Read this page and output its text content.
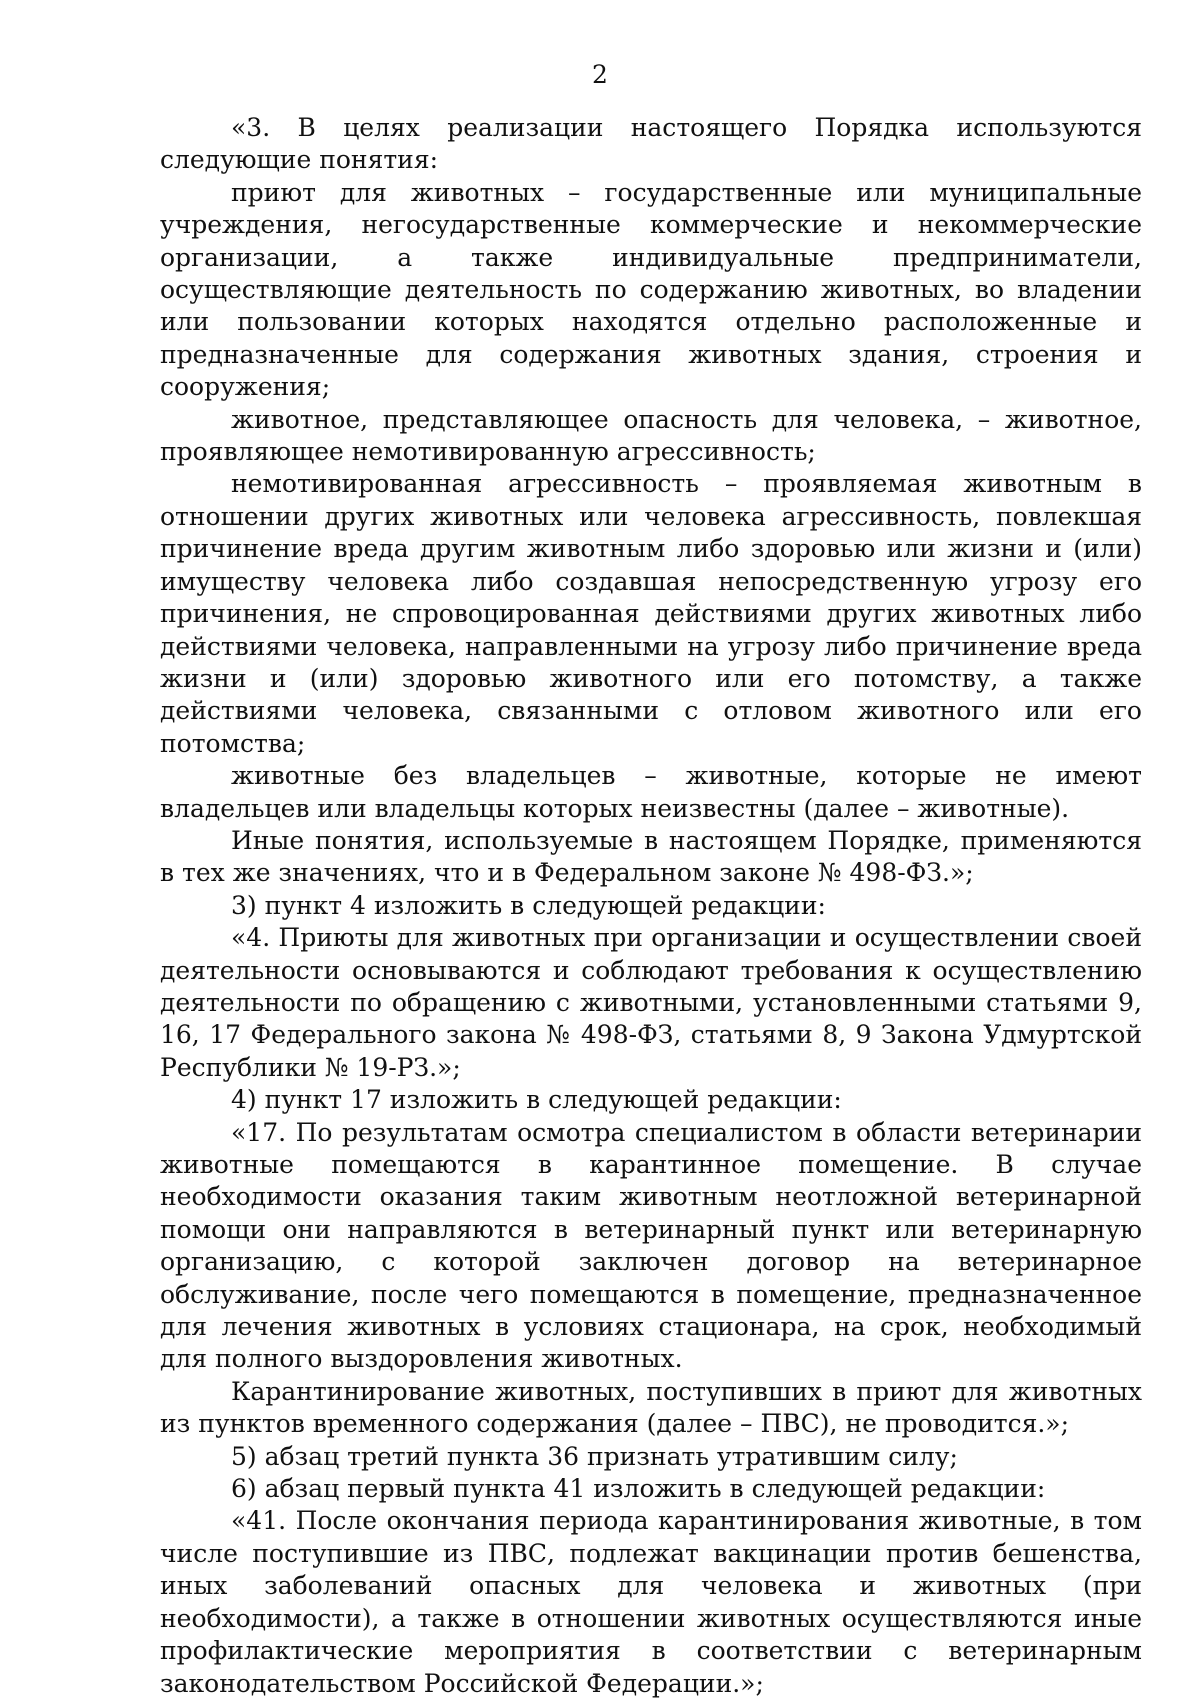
2

«3. В целях реализации настоящего Порядка используются следующие понятия:

приют для животных – государственные или муниципальные учреждения, негосударственные коммерческие и некоммерческие организации, а также индивидуальные предприниматели, осуществляющие деятельность по содержанию животных, во владении или пользовании которых находятся отдельно расположенные и предназначенные для содержания животных здания, строения и сооружения;

животное, представляющее опасность для человека, – животное, проявляющее немотивированную агрессивность;

немотивированная агрессивность – проявляемая животным в отношении других животных или человека агрессивность, повлекшая причинение вреда другим животным либо здоровью или жизни и (или) имуществу человека либо создавшая непосредственную угрозу его причинения, не спровоцированная действиями других животных либо действиями человека, направленными на угрозу либо причинение вреда жизни и (или) здоровью животного или его потомству, а также действиями человека, связанными с отловом животного или его потомства;

животные без владельцев – животные, которые не имеют владельцев или владельцы которых неизвестны (далее – животные).

Иные понятия, используемые в настоящем Порядке, применяются в тех же значениях, что и в Федеральном законе № 498-ФЗ.»;

3) пункт 4 изложить в следующей редакции:

«4. Приюты для животных при организации и осуществлении своей деятельности основываются и соблюдают требования к осуществлению деятельности по обращению с животными, установленными статьями 9, 16, 17 Федерального закона № 498-ФЗ, статьями 8, 9 Закона Удмуртской Республики № 19-РЗ.»;

4) пункт 17 изложить в следующей редакции:

«17. По результатам осмотра специалистом в области ветеринарии животные помещаются в карантинное помещение. В случае необходимости оказания таким животным неотложной ветеринарной помощи они направляются в ветеринарный пункт или ветеринарную организацию, с которой заключен договор на ветеринарное обслуживание, после чего помещаются в помещение, предназначенное для лечения животных в условиях стационара, на срок, необходимый для полного выздоровления животных.

Карантинирование животных, поступивших в приют для животных из пунктов временного содержания (далее – ПВС), не проводится.»;

5) абзац третий пункта 36 признать утратившим силу;

6) абзац первый пункта 41 изложить в следующей редакции:

«41. После окончания периода карантинирования животные, в том числе поступившие из ПВС, подлежат вакцинации против бешенства, иных заболеваний опасных для человека и животных (при необходимости), а также в отношении животных осуществляются иные профилактические мероприятия в соответствии с ветеринарным законодательством Российской Федерации.»;
